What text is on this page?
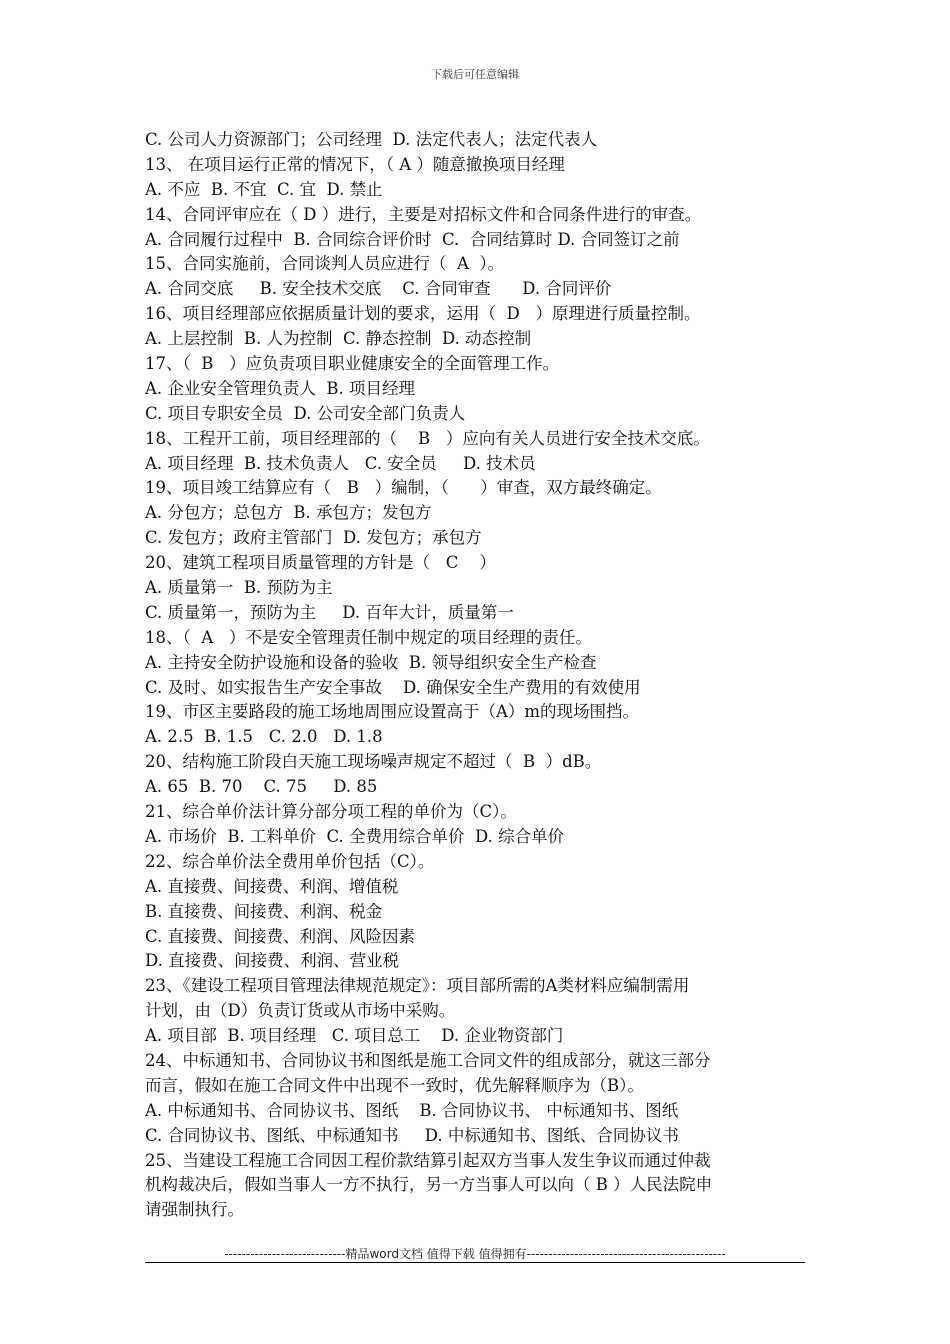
下载后可任意编辑
C. 公司人力资源部门；公司经理  D. 法定代表人；法定代表人
13、 在项目运行正常的情况下，（ A ）随意撤换项目经理
A. 不应  B. 不宜  C. 宜  D. 禁止
14、合同评审应在（ D ）进行，主要是对招标文件和合同条件进行的审查。
A. 合同履行过程中  B. 合同综合评价时  C.  合同结算时 D. 合同签订之前
15、合同实施前，合同谈判人员应进行（  A  ）。
A. 合同交底     B. 安全技术交底    C. 合同审查      D. 合同评价
16、项目经理部应依据质量计划的要求，运用（  D   ）原理进行质量控制。
A. 上层控制  B. 人为控制  C. 静态控制  D. 动态控制
17、（  B   ）应负责项目职业健康安全的全面管理工作。
A. 企业安全管理负责人  B. 项目经理
C. 项目专职安全员  D. 公司安全部门负责人
18、工程开工前，项目经理部的（    B   ）应向有关人员进行安全技术交底。
A. 项目经理  B. 技术负责人   C. 安全员     D. 技术员
19、项目竣工结算应有（   B   ）编制，（      ）审查，双方最终确定。
A. 分包方；总包方  B. 承包方；发包方
C. 发包方；政府主管部门  D. 发包方；承包方
20、建筑工程项目质量管理的方针是（   C    ）
A. 质量第一  B. 预防为主
C. 质量第一，预防为主     D. 百年大计，质量第一
18、（  A   ）不是安全管理责任制中规定的项目经理的责任。
A. 主持安全防护设施和设备的验收  B. 领导组织安全生产检查
C. 及时、如实报告生产安全事故    D. 确保安全生产费用的有效使用
19、市区主要路段的施工场地周围应设置高于（A）m的现场围挡。
A. 2.5  B. 1.5   C. 2.0   D. 1.8
20、结构施工阶段白天施工现场噪声规定不超过（  B  ）dB。
A. 65  B. 70    C. 75     D. 85
21、综合单价法计算分部分项工程的单价为（C）。
A. 市场价  B. 工料单价  C. 全费用综合单价  D. 综合单价
22、综合单价法全费用单价包括（C）。
A. 直接费、间接费、利润、增值税
B. 直接费、间接费、利润、税金
C. 直接费、间接费、利润、风险因素
D. 直接费、间接费、利润、营业税
23、《建设工程项目管理法律规范规定》：项目部所需的A类材料应编制需用
计划，由（D）负责订货或从市场中采购。
A. 项目部  B. 项目经理   C. 项目总工    D. 企业物资部门
24、中标通知书、合同协议书和图纸是施工合同文件的组成部分，就这三部分
而言，假如在施工合同文件中出现不一致时，优先解释顺序为（B）。
A. 中标通知书、合同协议书、图纸    B. 合同协议书、 中标通知书、图纸
C. 合同协议书、图纸、中标通知书     D. 中标通知书、图纸、合同协议书
25、当建设工程施工合同因工程价款结算引起双方当事人发生争议而通过仲裁
机构裁决后，假如当事人一方不执行，另一方当事人可以向（ B ）人民法院申
请强制执行。
----------------------------精品word文档 值得下载 值得拥有----------------------------------------------
